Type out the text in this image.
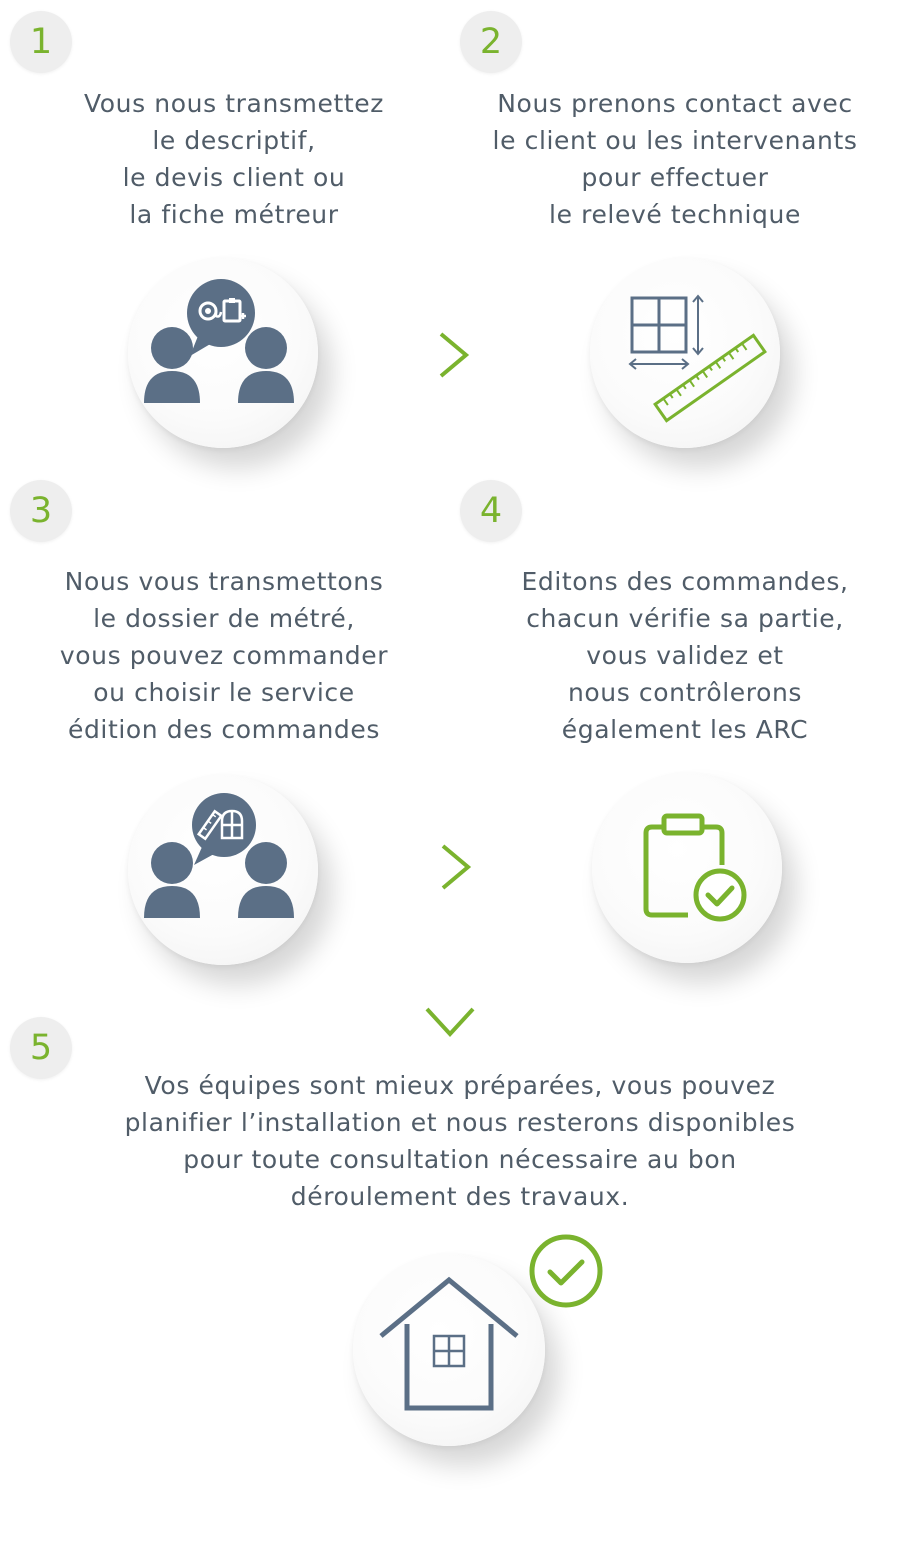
1

Vous nous transmettez
le descriptif,
le devis client ou
la fiche métreur

2

Nous prenons contact avec
le client ou les intervenants
pour effectuer
le relevé technique

3

Nous vous transmettons
le dossier de métré,
vous pouvez commander
ou choisir le service
édition des commandes

4

Editons des commandes,
chacun vérifie sa partie,
vous validez et
nous contrôlerons
également les ARC

5

Vos équipes sont mieux préparées, vous pouvez
planifier l’installation et nous resterons disponibles
pour toute consultation nécessaire au bon
déroulement des travaux.
